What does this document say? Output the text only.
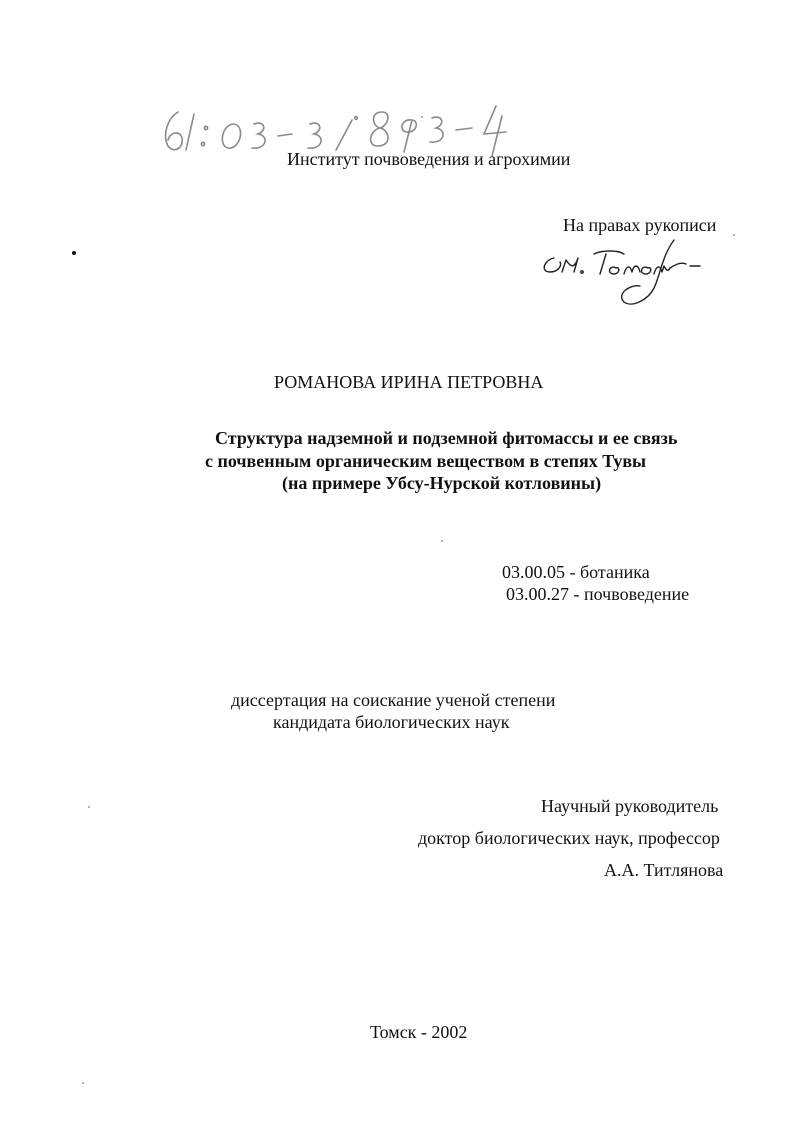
Институт почвоведения и агрохимии
На правах рукописи
РОМАНОВА ИРИНА ПЕТРОВНА
Структура надземной и подземной фитомассы и ее связь
с почвенным органическим веществом в степях Тувы
(на примере Убсу-Нурской котловины)
03.00.05 - ботаника
03.00.27 - почвоведение
диссертация на соискание ученой степени
кандидата биологических наук
Научный руководитель
доктор биологических наук, профессор
А.А. Титлянова
Томск - 2002
